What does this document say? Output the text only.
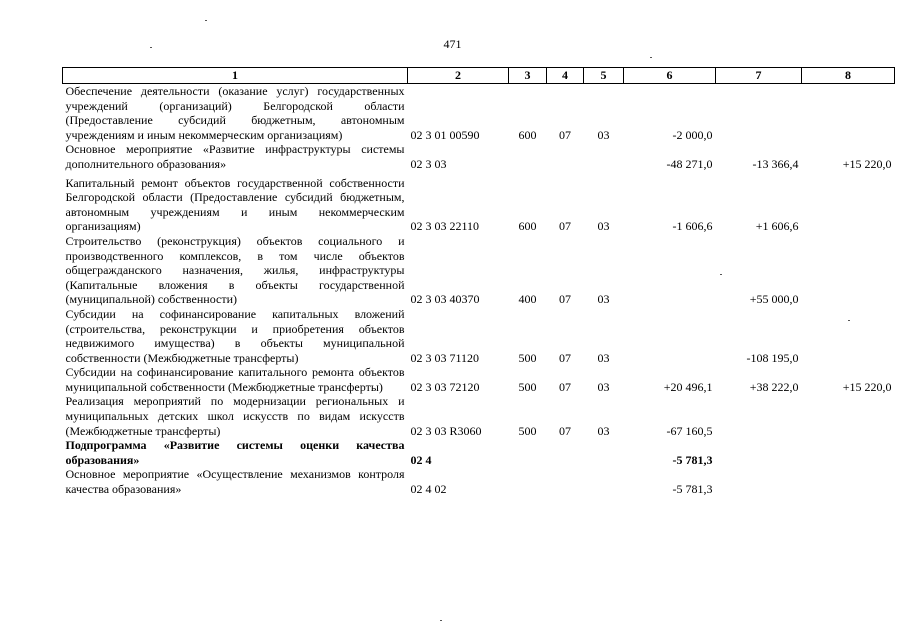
471
1	2	3	4	5	6	7	8
Обеспечение деятельности (оказание услуг) государственных учреждений (организаций) Белгородской области (Предоставление субсидий бюджетным, автономным учреждениям и иным некоммерческим организациям)	02 3 01 00590	600	07	03	-2 000,0		
Основное мероприятие «Развитие инфраструктуры системы дополнительного образования»	02 3 03				-48 271,0	-13 366,4	+15 220,0
Капитальный ремонт объектов государственной собственности Белгородской области (Предоставление субсидий бюджетным, автономным учреждениям и иным некоммерческим организациям)	02 3 03 22110	600	07	03	-1 606,6	+1 606,6	
Строительство (реконструкция) объектов социального и производственного комплексов, в том числе объектов общегражданского назначения, жилья, инфраструктуры (Капитальные вложения в объекты государственной (муниципальной) собственности)	02 3 03 40370	400	07	03		+55 000,0	
Субсидии на софинансирование капитальных вложений (строительства, реконструкции и приобретения объектов недвижимого имущества) в объекты муниципальной собственности (Межбюджетные трансферты)	02 3 03 71120	500	07	03		-108 195,0	
Субсидии на софинансирование капитального ремонта объектов муниципальной собственности (Межбюджетные трансферты)	02 3 03 72120	500	07	03	+20 496,1	+38 222,0	+15 220,0
Реализация мероприятий по модернизации региональных и муниципальных детских школ искусств по видам искусств (Межбюджетные трансферты)	02 3 03 R3060	500	07	03	-67 160,5		
Подпрограмма «Развитие системы оценки качества образования»	02 4				-5 781,3		
Основное мероприятие «Осуществление механизмов контроля качества образования»	02 4 02				-5 781,3		
